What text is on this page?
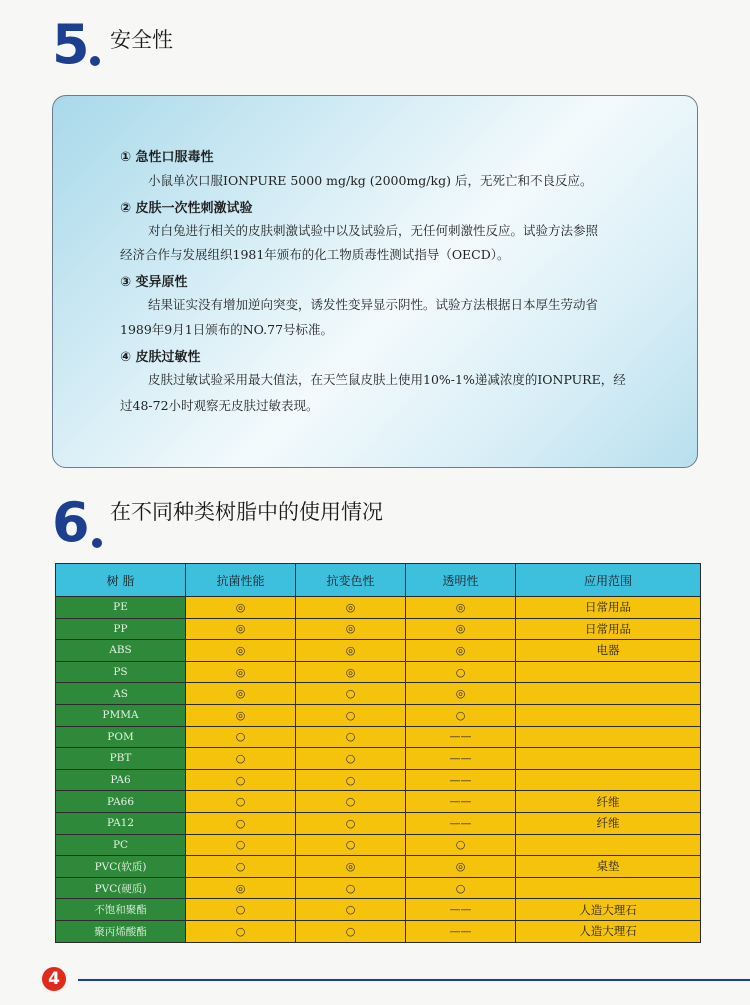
5 安全性
① 急性口服毒性
小鼠单次口服IONPURE 5000 mg/kg (2000mg/kg) 后，无死亡和不良反应。
② 皮肤一次性刺激试验
对白兔进行相关的皮肤刺激试验中以及试验后，无任何刺激性反应。试验方法参照
经济合作与发展组织1981年颁布的化工物质毒性测试指导（OECD）。
③ 变异原性
结果证实没有增加逆向突变，诱发性变异显示阴性。试验方法根据日本厚生劳动省
1989年9月1日颁布的NO.77号标准。
④ 皮肤过敏性
皮肤过敏试验采用最大值法，在天竺鼠皮肤上使用10%-1%递减浓度的IONPURE，经
过48-72小时观察无皮肤过敏表现。
6 在不同种类树脂中的使用情况
树 脂	抗菌性能	抗变色性	透明性	应用范围
PE	◎	◎	◎	日常用品
PP	◎	◎	◎	日常用品
ABS	◎	◎	◎	电器
PS	◎	◎	○	
AS	◎	○	◎	
PMMA	◎	○	○	
POM	○	○	——	
PBT	○	○	——	
PA6	○	○	——	
PA66	○	○	——	纤维
PA12	○	○	——	纤维
PC	○	○	○	
PVC(软质)	○	◎	◎	桌垫
PVC(硬质)	◎	○	○	
不饱和聚酯	○	○	——	人造大理石
聚丙烯酸酯	○	○	——	人造大理石
4
